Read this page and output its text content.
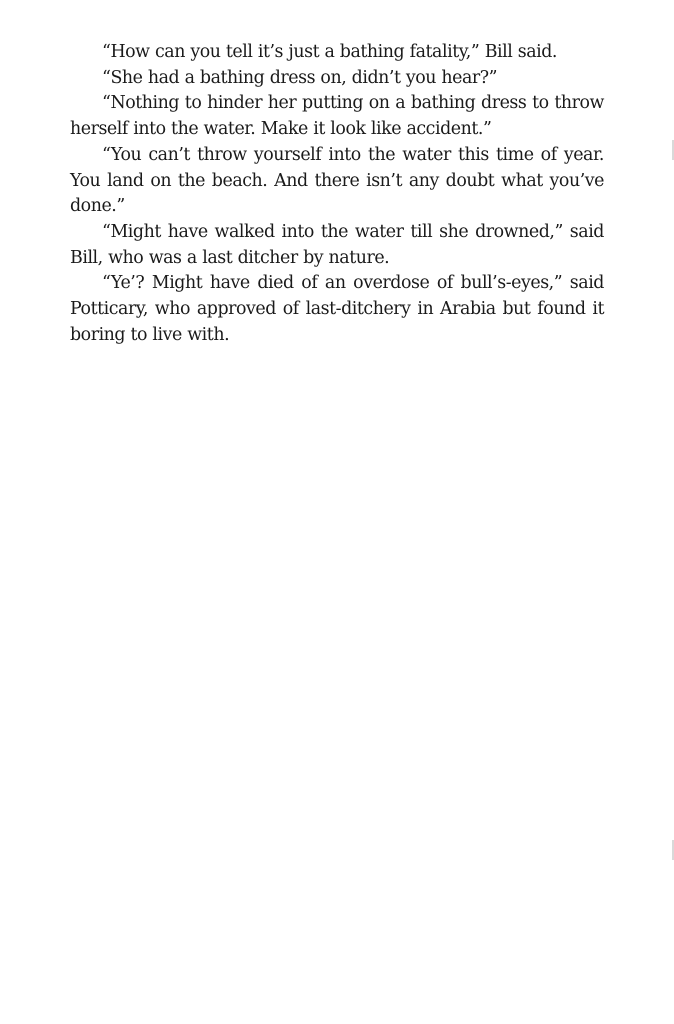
“How can you tell it’s just a bathing fatality,” Bill said.

“She had a bathing dress on, didn’t you hear?”

“Nothing to hinder her putting on a bathing dress to throw herself into the water. Make it look like accident.”

“You can’t throw yourself into the water this time of year. You land on the beach. And there isn’t any doubt what you’ve done.”

“Might have walked into the water till she drowned,” said Bill, who was a last ditcher by nature.

“Ye’? Might have died of an overdose of bull’s-eyes,” said Potticary, who approved of last-ditchery in Arabia but found it boring to live with.
